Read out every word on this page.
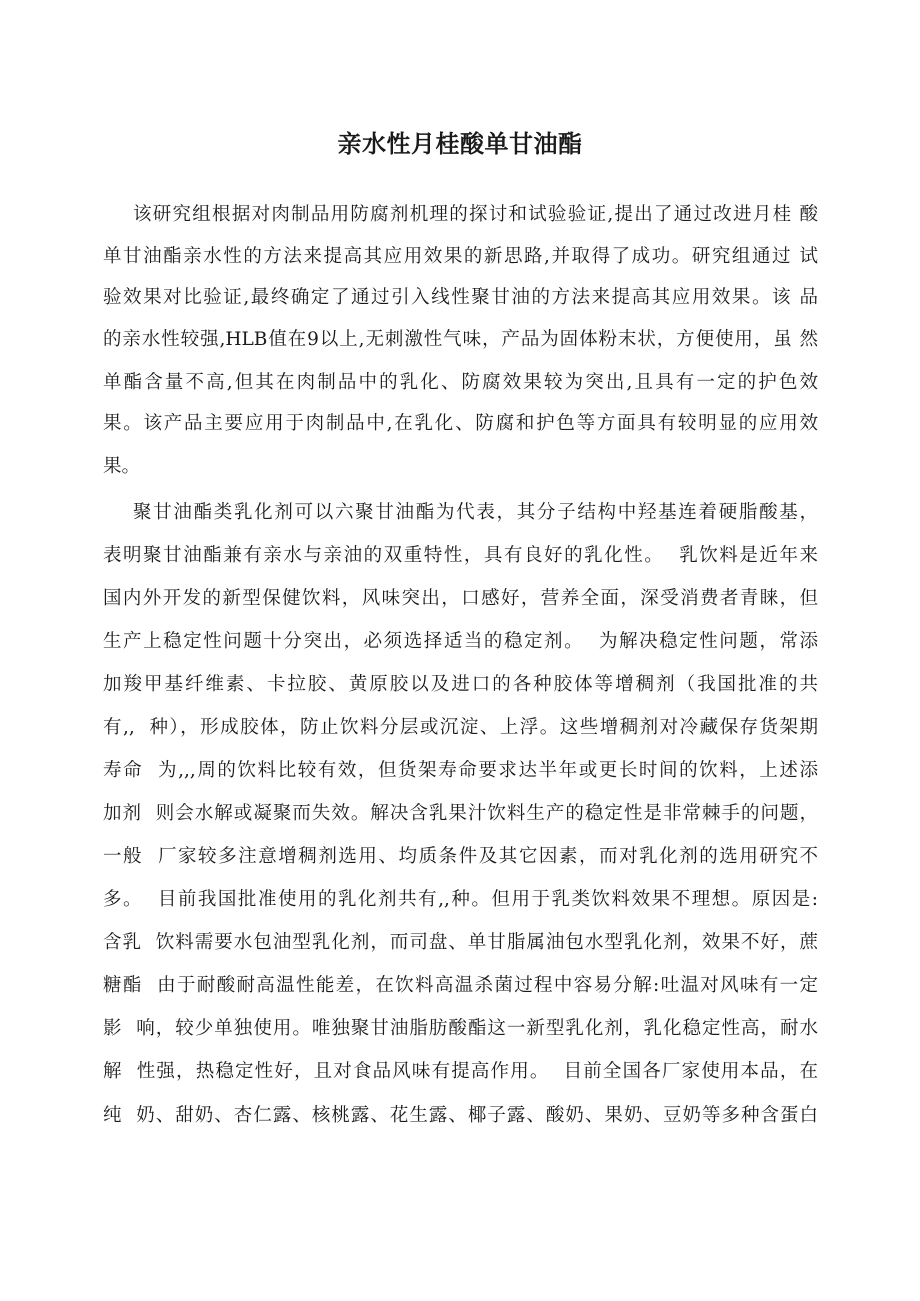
亲水性月桂酸单甘油酯
该研究组根据对肉制品用防腐剂机理的探讨和试验验证,提出了通过改进月桂 酸
单甘油酯亲水性的方法来提高其应用效果的新思路,并取得了成功。研究组通过 试
验效果对比验证,最终确定了通过引入线性聚甘油的方法来提高其应用效果。该 品
的亲水性较强,HLB值在9以上,无刺激性气味，产品为固体粉末状，方便使用，虽 然
单酯含量不高,但其在肉制品中的乳化、防腐效果较为突出,且具有一定的护色效
果。该产品主要应用于肉制品中,在乳化、防腐和护色等方面具有较明显的应用效
果。
聚甘油酯类乳化剂可以六聚甘油酯为代表，其分子结构中羟基连着硬脂酸基，
表明聚甘油酯兼有亲水与亲油的双重特性，具有良好的乳化性。  乳饮料是近年来
国内外开发的新型保健饮料，风味突出，口感好，营养全面，深受消费者青睐，但
生产上稳定性问题十分突出，必须选择适当的稳定剂。  为解决稳定性问题，常添
加羧甲基纤维素、卡拉胶、黄原胶以及进口的各种胶体等增稠剂（我国批准的共
有,,  种），形成胶体，防止饮料分层或沉淀、上浮。这些增稠剂对冷藏保存货架期
寿命  为,,,周的饮料比较有效，但货架寿命要求达半年或更长时间的饮料，上述添
加剂  则会水解或凝聚而失效。解决含乳果汁饮料生产的稳定性是非常棘手的问题，
一般  厂家较多注意增稠剂选用、均质条件及其它因素，而对乳化剂的选用研究不
多。  目前我国批准使用的乳化剂共有,,种。但用于乳类饮料效果不理想。原因是:
含乳  饮料需要水包油型乳化剂，而司盘、单甘脂属油包水型乳化剂，效果不好，蔗
糖酯  由于耐酸耐高温性能差，在饮料高温杀菌过程中容易分解:吐温对风味有一定
影  响，较少单独使用。唯独聚甘油脂肪酸酯这一新型乳化剂，乳化稳定性高，耐水
解  性强，热稳定性好，且对食品风味有提高作用。  目前全国各厂家使用本品，在
纯  奶、甜奶、杏仁露、核桃露、花生露、椰子露、酸奶、果奶、豆奶等多种含蛋白
